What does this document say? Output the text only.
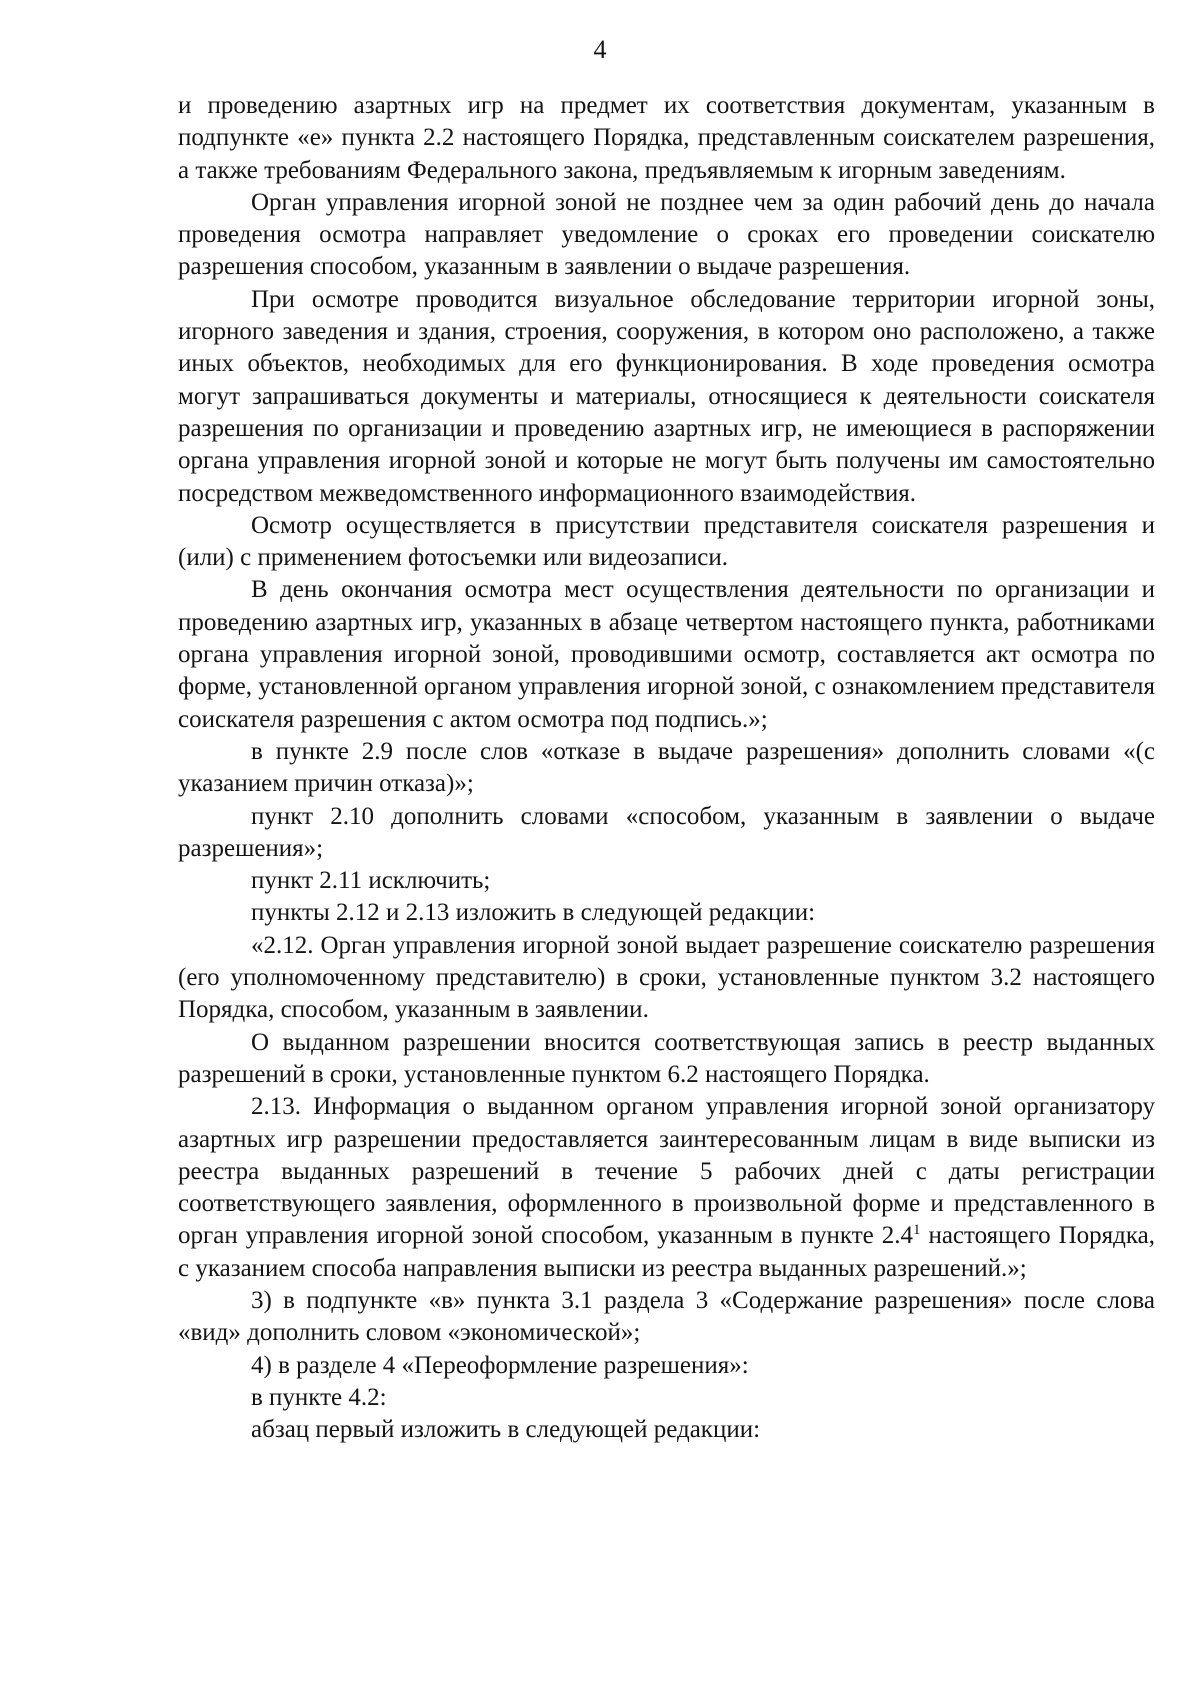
4

и проведению азартных игр на предмет их соответствия документам, указанным в подпункте «е» пункта 2.2 настоящего Порядка, представленным соискателем разрешения, а также требованиям Федерального закона, предъявляемым к игорным заведениям.

Орган управления игорной зоной не позднее чем за один рабочий день до начала проведения осмотра направляет уведомление о сроках его проведении соискателю разрешения способом, указанным в заявлении о выдаче разрешения.

При осмотре проводится визуальное обследование территории игорной зоны, игорного заведения и здания, строения, сооружения, в котором оно расположено, а также иных объектов, необходимых для его функционирования. В ходе проведения осмотра могут запрашиваться документы и материалы, относящиеся к деятельности соискателя разрешения по организации и проведению азартных игр, не имеющиеся в распоряжении органа управления игорной зоной и которые не могут быть получены им самостоятельно посредством межведомственного информационного взаимодействия.

Осмотр осуществляется в присутствии представителя соискателя разрешения и (или) с применением фотосъемки или видеозаписи.

В день окончания осмотра мест осуществления деятельности по организации и проведению азартных игр, указанных в абзаце четвертом настоящего пункта, работниками органа управления игорной зоной, проводившими осмотр, составляется акт осмотра по форме, установленной органом управления игорной зоной, с ознакомлением представителя соискателя разрешения с актом осмотра под подпись.»;

в пункте 2.9 после слов «отказе в выдаче разрешения» дополнить словами «(с указанием причин отказа)»;

пункт 2.10 дополнить словами «способом, указанным в заявлении о выдаче разрешения»;

пункт 2.11 исключить;

пункты 2.12 и 2.13 изложить в следующей редакции:

«2.12. Орган управления игорной зоной выдает разрешение соискателю разрешения (его уполномоченному представителю) в сроки, установленные пунктом 3.2 настоящего Порядка, способом, указанным в заявлении.

О выданном разрешении вносится соответствующая запись в реестр выданных разрешений в сроки, установленные пунктом 6.2 настоящего Порядка.

2.13. Информация о выданном органом управления игорной зоной организатору азартных игр разрешении предоставляется заинтересованным лицам в виде выписки из реестра выданных разрешений в течение 5 рабочих дней с даты регистрации соответствующего заявления, оформленного в произвольной форме и представленного в орган управления игорной зоной способом, указанным в пункте $2.4^1$ настоящего Порядка, с указанием способа направления выписки из реестра выданных разрешений.»;

3) в подпункте «в» пункта 3.1 раздела 3 «Содержание разрешения» после слова «вид» дополнить словом «экономической»;

4) в разделе 4 «Переоформление разрешения»:

в пункте 4.2:

абзац первый изложить в следующей редакции:
